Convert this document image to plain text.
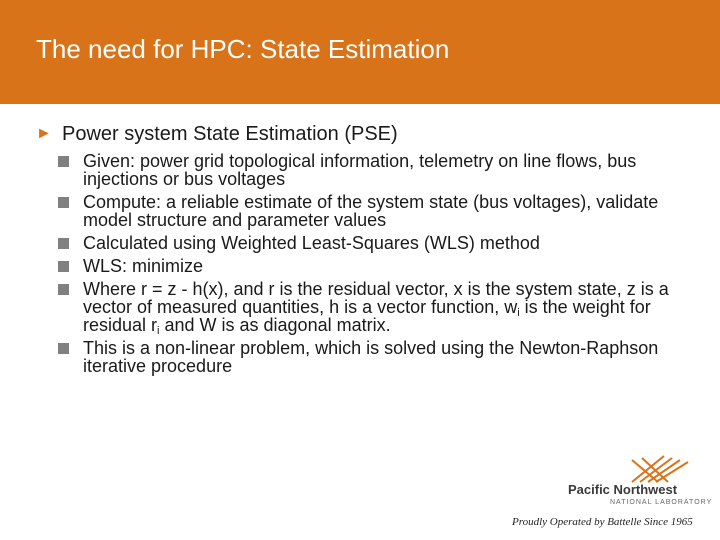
The need for HPC: State Estimation
► Power system State Estimation (PSE)
Given: power grid topological information, telemetry on line flows, bus injections or bus voltages
Compute: a reliable estimate of the system state (bus voltages), validate model structure and parameter values
Calculated using Weighted Least-Squares (WLS) method
WLS: minimize
Where r = z - h(x), and r is the residual vector, x is the system state, z is a vector of measured quantities, h is a vector function, $w_i$ is the weight for residual $r_i$ and W is as diagonal matrix.
This is a non-linear problem, which is solved using the Newton-Raphson iterative procedure
Pacific Northwest
NATIONAL LABORATORY
Proudly Operated by Battelle Since 1965
